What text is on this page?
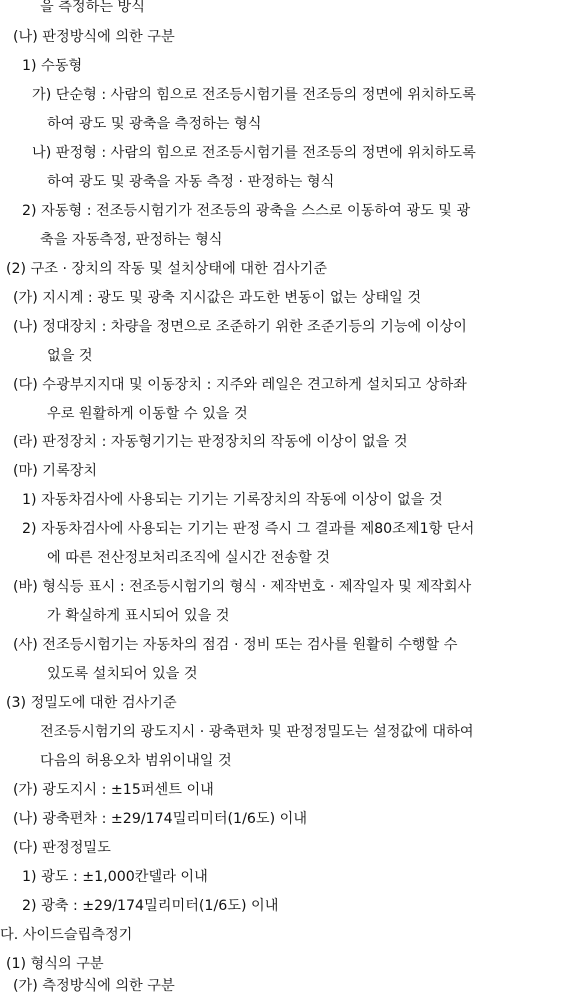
을 측정하는 방식
(나) 판정방식에 의한 구분
1) 수동형
가) 단순형 : 사람의 힘으로 전조등시험기를 전조등의 정면에 위치하도록
하여 광도 및 광축을 측정하는 형식
나) 판정형 : 사람의 힘으로 전조등시험기를 전조등의 정면에 위치하도록
하여 광도 및 광축을 자동 측정 · 판정하는 형식
2) 자동형 : 전조등시험기가 전조등의 광축을 스스로 이동하여 광도 및 광
축을 자동측정, 판정하는 형식
(2) 구조 · 장치의 작동 및 설치상태에 대한 검사기준
(가) 지시계 : 광도 및 광축 지시값은 과도한 변동이 없는 상태일 것
(나) 정대장치 : 차량을 정면으로 조준하기 위한 조준기등의 기능에 이상이
없을 것
(다) 수광부지지대 및 이동장치 : 지주와 레일은 견고하게 설치되고 상하좌
우로 원활하게 이동할 수 있을 것
(라) 판정장치 : 자동형기기는 판정장치의 작동에 이상이 없을 것
(마) 기록장치
1) 자동차검사에 사용되는 기기는 기록장치의 작동에 이상이 없을 것
2) 자동차검사에 사용되는 기기는 판정 즉시 그 결과를 제80조제1항 단서
에 따른 전산정보처리조직에 실시간 전송할 것
(바) 형식등 표시 : 전조등시험기의 형식 · 제작번호 · 제작일자 및 제작회사
가 확실하게 표시되어 있을 것
(사) 전조등시험기는 자동차의 점검 · 정비 또는 검사를 원활히 수행할 수
있도록 설치되어 있을 것
(3) 정밀도에 대한 검사기준
전조등시험기의 광도지시 · 광축편차 및 판정정밀도는 설정값에 대하여
다음의 허용오차 범위이내일 것
(가) 광도지시 : ±15퍼센트 이내
(나) 광축편차 : ±29/174밀리미터(1/6도) 이내
(다) 판정정밀도
1) 광도 : ±1,000칸델라 이내
2) 광축 : ±29/174밀리미터(1/6도) 이내
다. 사이드슬립측정기
(1) 형식의 구분
(가) 측정방식에 의한 구분
